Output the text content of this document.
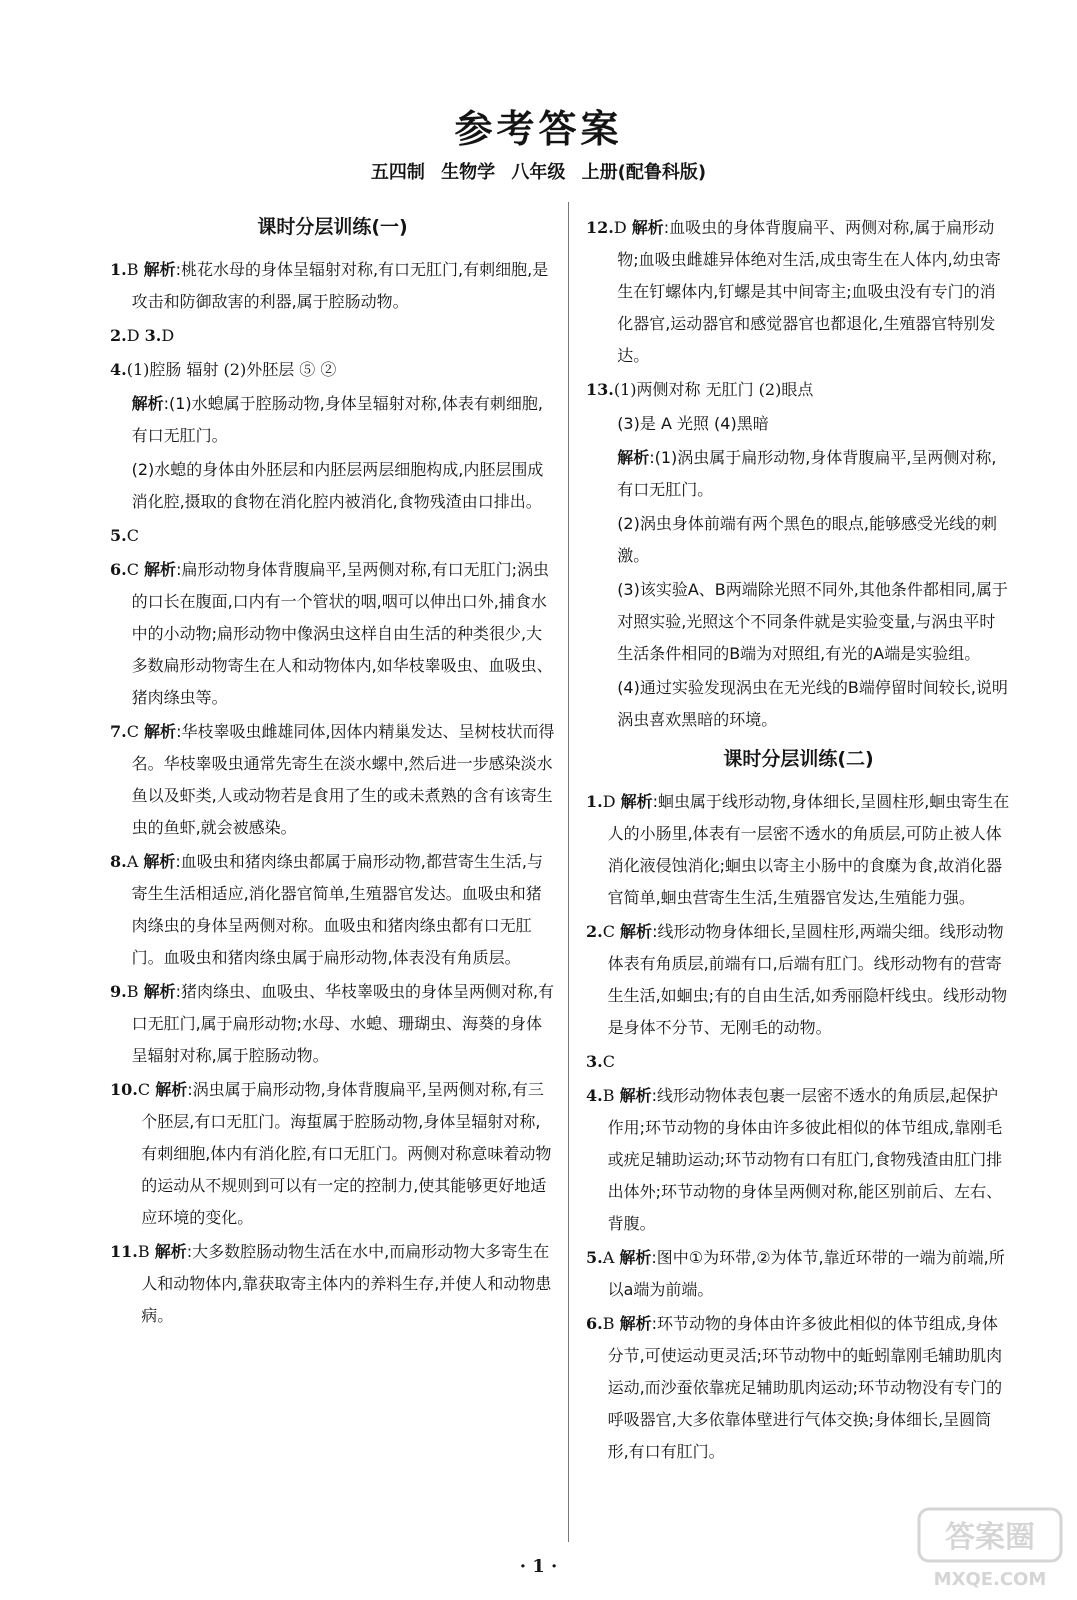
参考答案
五四制 生物学 八年级 上册(配鲁科版)
课时分层训练(一)
1.B 解析:桃花水母的身体呈辐射对称,有口无肛门,有刺细胞,是攻击和防御敌害的利器,属于腔肠动物。
2.D 3.D
4.(1)腔肠 辐射 (2)外胚层 ⑤ ②
解析:(1)水螅属于腔肠动物,身体呈辐射对称,体表有刺细胞,有口无肛门。
(2)水螅的身体由外胚层和内胚层两层细胞构成,内胚层围成消化腔,摄取的食物在消化腔内被消化,食物残渣由口排出。
5.C
6.C 解析:扁形动物身体背腹扁平,呈两侧对称,有口无肛门;涡虫的口长在腹面,口内有一个管状的咽,咽可以伸出口外,捕食水中的小动物;扁形动物中像涡虫这样自由生活的种类很少,大多数扁形动物寄生在人和动物体内,如华枝睾吸虫、血吸虫、猪肉绦虫等。
7.C 解析:华枝睾吸虫雌雄同体,因体内精巢发达、呈树枝状而得名。华枝睾吸虫通常先寄生在淡水螺中,然后进一步感染淡水鱼以及虾类,人或动物若是食用了生的或未煮熟的含有该寄生虫的鱼虾,就会被感染。
8.A 解析:血吸虫和猪肉绦虫都属于扁形动物,都营寄生生活,与寄生生活相适应,消化器官简单,生殖器官发达。血吸虫和猪肉绦虫的身体呈两侧对称。血吸虫和猪肉绦虫都有口无肛门。血吸虫和猪肉绦虫属于扁形动物,体表没有角质层。
9.B 解析:猪肉绦虫、血吸虫、华枝睾吸虫的身体呈两侧对称,有口无肛门,属于扁形动物;水母、水螅、珊瑚虫、海葵的身体呈辐射对称,属于腔肠动物。
10.C 解析:涡虫属于扁形动物,身体背腹扁平,呈两侧对称,有三个胚层,有口无肛门。海蜇属于腔肠动物,身体呈辐射对称,有刺细胞,体内有消化腔,有口无肛门。两侧对称意味着动物的运动从不规则到可以有一定的控制力,使其能够更好地适应环境的变化。
11.B 解析:大多数腔肠动物生活在水中,而扁形动物大多寄生在人和动物体内,靠获取寄主体内的养料生存,并使人和动物患病。
12.D 解析:血吸虫的身体背腹扁平、两侧对称,属于扁形动物;血吸虫雌雄异体绝对生活,成虫寄生在人体内,幼虫寄生在钉螺体内,钉螺是其中间寄主;血吸虫没有专门的消化器官,运动器官和感觉器官也都退化,生殖器官特别发达。
13.(1)两侧对称 无肛门 (2)眼点
(3)是 A 光照 (4)黑暗
解析:(1)涡虫属于扁形动物,身体背腹扁平,呈两侧对称,有口无肛门。
(2)涡虫身体前端有两个黑色的眼点,能够感受光线的刺激。
(3)该实验A、B两端除光照不同外,其他条件都相同,属于对照实验,光照这个不同条件就是实验变量,与涡虫平时生活条件相同的B端为对照组,有光的A端是实验组。
(4)通过实验发现涡虫在无光线的B端停留时间较长,说明涡虫喜欢黑暗的环境。
课时分层训练(二)
1.D 解析:蛔虫属于线形动物,身体细长,呈圆柱形,蛔虫寄生在人的小肠里,体表有一层密不透水的角质层,可防止被人体消化液侵蚀消化;蛔虫以寄主小肠中的食糜为食,故消化器官简单,蛔虫营寄生生活,生殖器官发达,生殖能力强。
2.C 解析:线形动物身体细长,呈圆柱形,两端尖细。线形动物体表有角质层,前端有口,后端有肛门。线形动物有的营寄生生活,如蛔虫;有的自由生活,如秀丽隐杆线虫。线形动物是身体不分节、无刚毛的动物。
3.C
4.B 解析:线形动物体表包裹一层密不透水的角质层,起保护作用;环节动物的身体由许多彼此相似的体节组成,靠刚毛或疣足辅助运动;环节动物有口有肛门,食物残渣由肛门排出体外;环节动物的身体呈两侧对称,能区别前后、左右、背腹。
5.A 解析:图中①为环带,②为体节,靠近环带的一端为前端,所以a端为前端。
6.B 解析:环节动物的身体由许多彼此相似的体节组成,身体分节,可使运动更灵活;环节动物中的蚯蚓靠刚毛辅助肌肉运动,而沙蚕依靠疣足辅助肌肉运动;环节动物没有专门的呼吸器官,大多依靠体壁进行气体交换;身体细长,呈圆筒形,有口有肛门。
· 1 ·
答案圈
MXQE.COM
